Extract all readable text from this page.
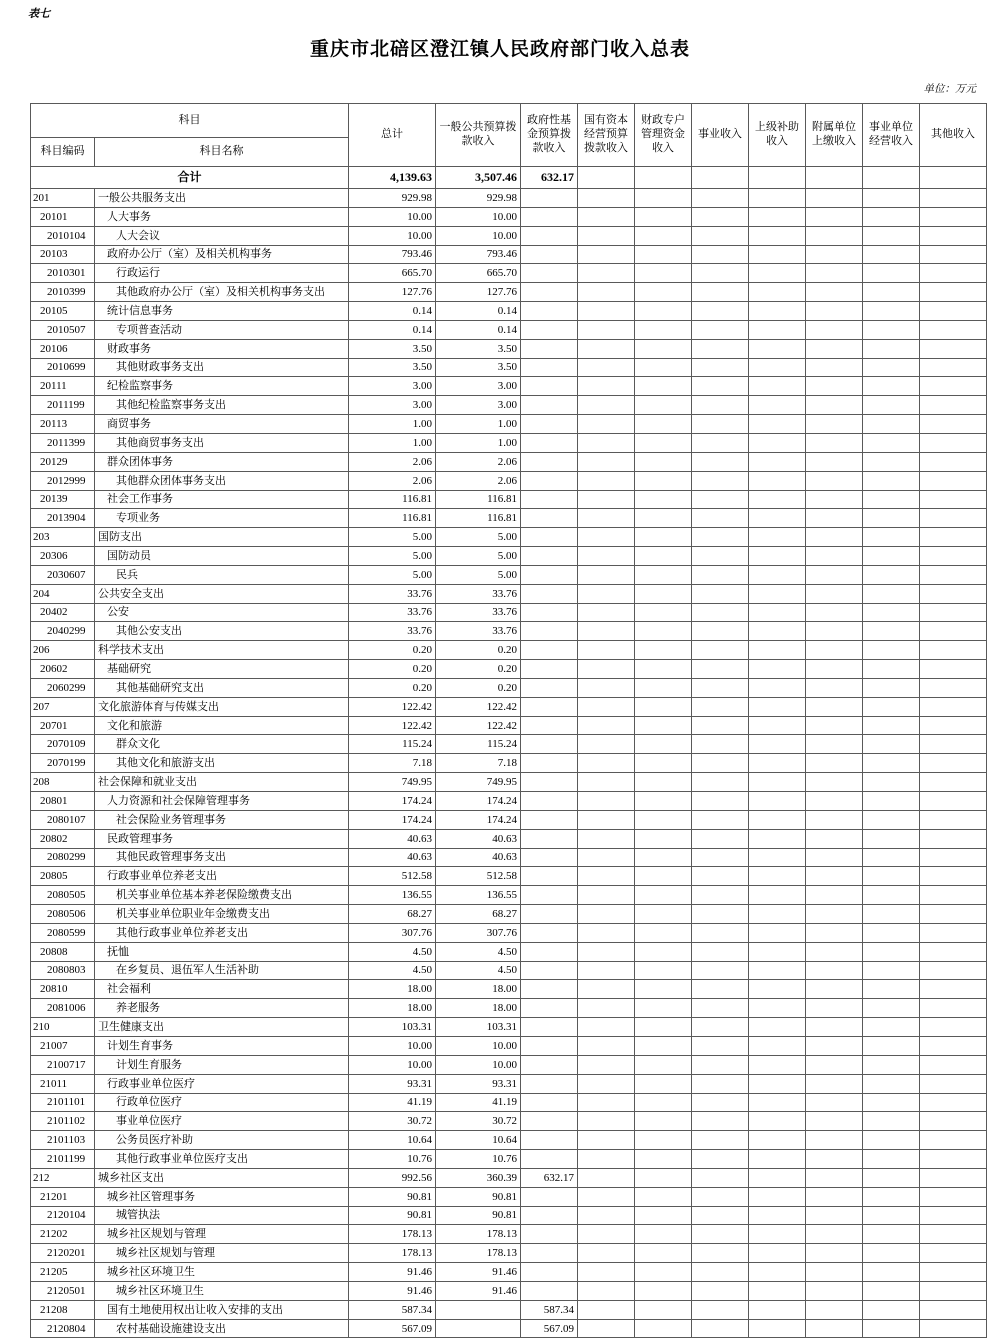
表七
重庆市北碚区澄江镇人民政府部门收入总表
单位：万元
科目		总计	一般公共预算拨款收入	政府性基金预算拨款收入	国有资本经营预算拨款收入	财政专户管理资金收入	事业收入	上级补助收入	附属单位上缴收入	事业单位经营收入	其他收入
科目编码	科目名称										
合计		4,139.63	3,507.46	632.17							
201	一般公共服务支出	929.98	929.98								
20101	人大事务	10.00	10.00								
2010104	人大会议	10.00	10.00								
20103	政府办公厅（室）及相关机构事务	793.46	793.46								
2010301	行政运行	665.70	665.70								
2010399	其他政府办公厅（室）及相关机构事务支出	127.76	127.76								
20105	统计信息事务	0.14	0.14								
2010507	专项普查活动	0.14	0.14								
20106	财政事务	3.50	3.50								
2010699	其他财政事务支出	3.50	3.50								
20111	纪检监察事务	3.00	3.00								
2011199	其他纪检监察事务支出	3.00	3.00								
20113	商贸事务	1.00	1.00								
2011399	其他商贸事务支出	1.00	1.00								
20129	群众团体事务	2.06	2.06								
2012999	其他群众团体事务支出	2.06	2.06								
20139	社会工作事务	116.81	116.81								
2013904	专项业务	116.81	116.81								
203	国防支出	5.00	5.00								
20306	国防动员	5.00	5.00								
2030607	民兵	5.00	5.00								
204	公共安全支出	33.76	33.76								
20402	公安	33.76	33.76								
2040299	其他公安支出	33.76	33.76								
206	科学技术支出	0.20	0.20								
20602	基础研究	0.20	0.20								
2060299	其他基础研究支出	0.20	0.20								
207	文化旅游体育与传媒支出	122.42	122.42								
20701	文化和旅游	122.42	122.42								
2070109	群众文化	115.24	115.24								
2070199	其他文化和旅游支出	7.18	7.18								
208	社会保障和就业支出	749.95	749.95								
20801	人力资源和社会保障管理事务	174.24	174.24								
2080107	社会保险业务管理事务	174.24	174.24								
20802	民政管理事务	40.63	40.63								
2080299	其他民政管理事务支出	40.63	40.63								
20805	行政事业单位养老支出	512.58	512.58								
2080505	机关事业单位基本养老保险缴费支出	136.55	136.55								
2080506	机关事业单位职业年金缴费支出	68.27	68.27								
2080599	其他行政事业单位养老支出	307.76	307.76								
20808	抚恤	4.50	4.50								
2080803	在乡复员、退伍军人生活补助	4.50	4.50								
20810	社会福利	18.00	18.00								
2081006	养老服务	18.00	18.00								
210	卫生健康支出	103.31	103.31								
21007	计划生育事务	10.00	10.00								
2100717	计划生育服务	10.00	10.00								
21011	行政事业单位医疗	93.31	93.31								
2101101	行政单位医疗	41.19	41.19								
2101102	事业单位医疗	30.72	30.72								
2101103	公务员医疗补助	10.64	10.64								
2101199	其他行政事业单位医疗支出	10.76	10.76								
212	城乡社区支出	992.56	360.39	632.17							
21201	城乡社区管理事务	90.81	90.81								
2120104	城管执法	90.81	90.81								
21202	城乡社区规划与管理	178.13	178.13								
2120201	城乡社区规划与管理	178.13	178.13								
21205	城乡社区环境卫生	91.46	91.46								
2120501	城乡社区环境卫生	91.46	91.46								
21208	国有土地使用权出让收入安排的支出	587.34		587.34							
2120804	农村基础设施建设支出	567.09		567.09							
